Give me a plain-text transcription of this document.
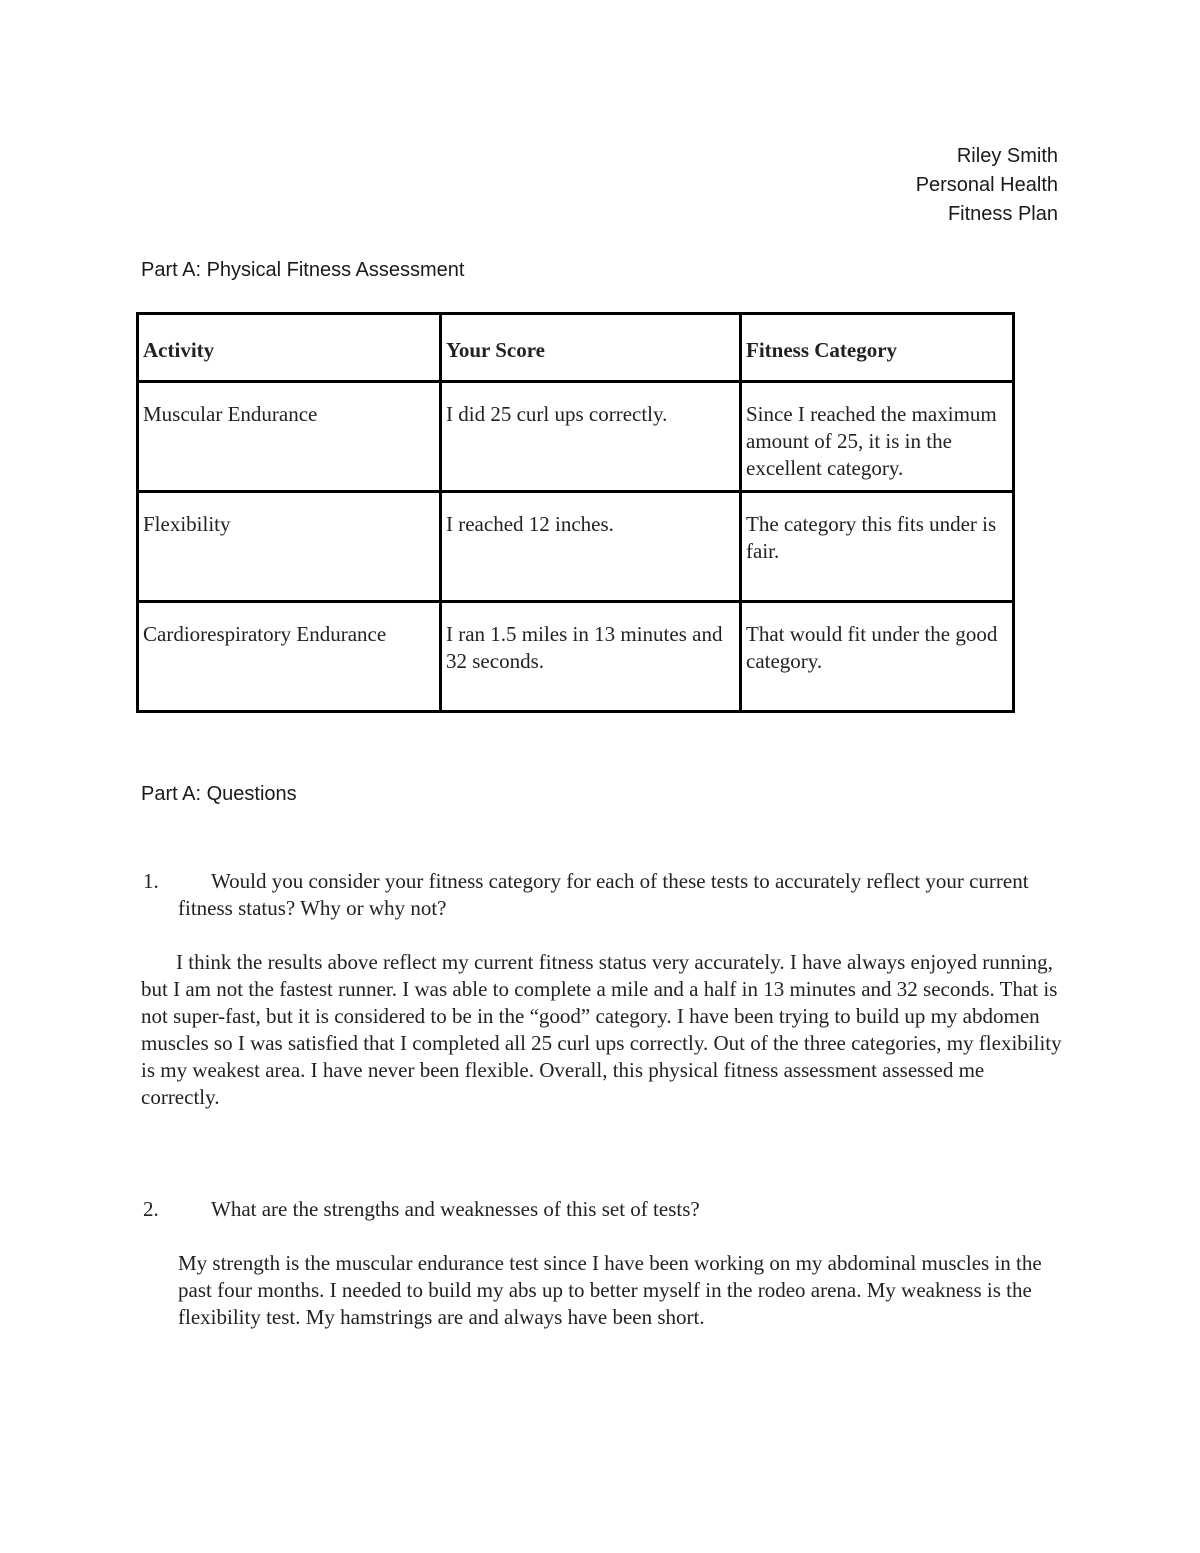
Riley Smith
Personal Health
Fitness Plan
Part A: Physical Fitness Assessment
Activity	Your Score	Fitness Category
Muscular Endurance	I did 25 curl ups correctly.	Since I reached the maximum amount of 25, it is in the excellent category.
Flexibility	I reached 12 inches.	The category this fits under is fair.
Cardiorespiratory Endurance	I ran 1.5 miles in 13 minutes and 32 seconds.	That would fit under the good category.
Part A: Questions
1.	Would you consider your fitness category for each of these tests to accurately reflect your current fitness status? Why or why not?
I think the results above reflect my current fitness status very accurately. I have always enjoyed running, but I am not the fastest runner. I was able to complete a mile and a half in 13 minutes and 32 seconds. That is not super-fast, but it is considered to be in the “good” category. I have been trying to build up my abdomen muscles so I was satisfied that I completed all 25 curl ups correctly. Out of the three categories, my flexibility is my weakest area. I have never been flexible. Overall, this physical fitness assessment assessed me correctly.
2.	What are the strengths and weaknesses of this set of tests?
My strength is the muscular endurance test since I have been working on my abdominal muscles in the past four months. I needed to build my abs up to better myself in the rodeo arena. My weakness is the flexibility test. My hamstrings are and always have been short.
